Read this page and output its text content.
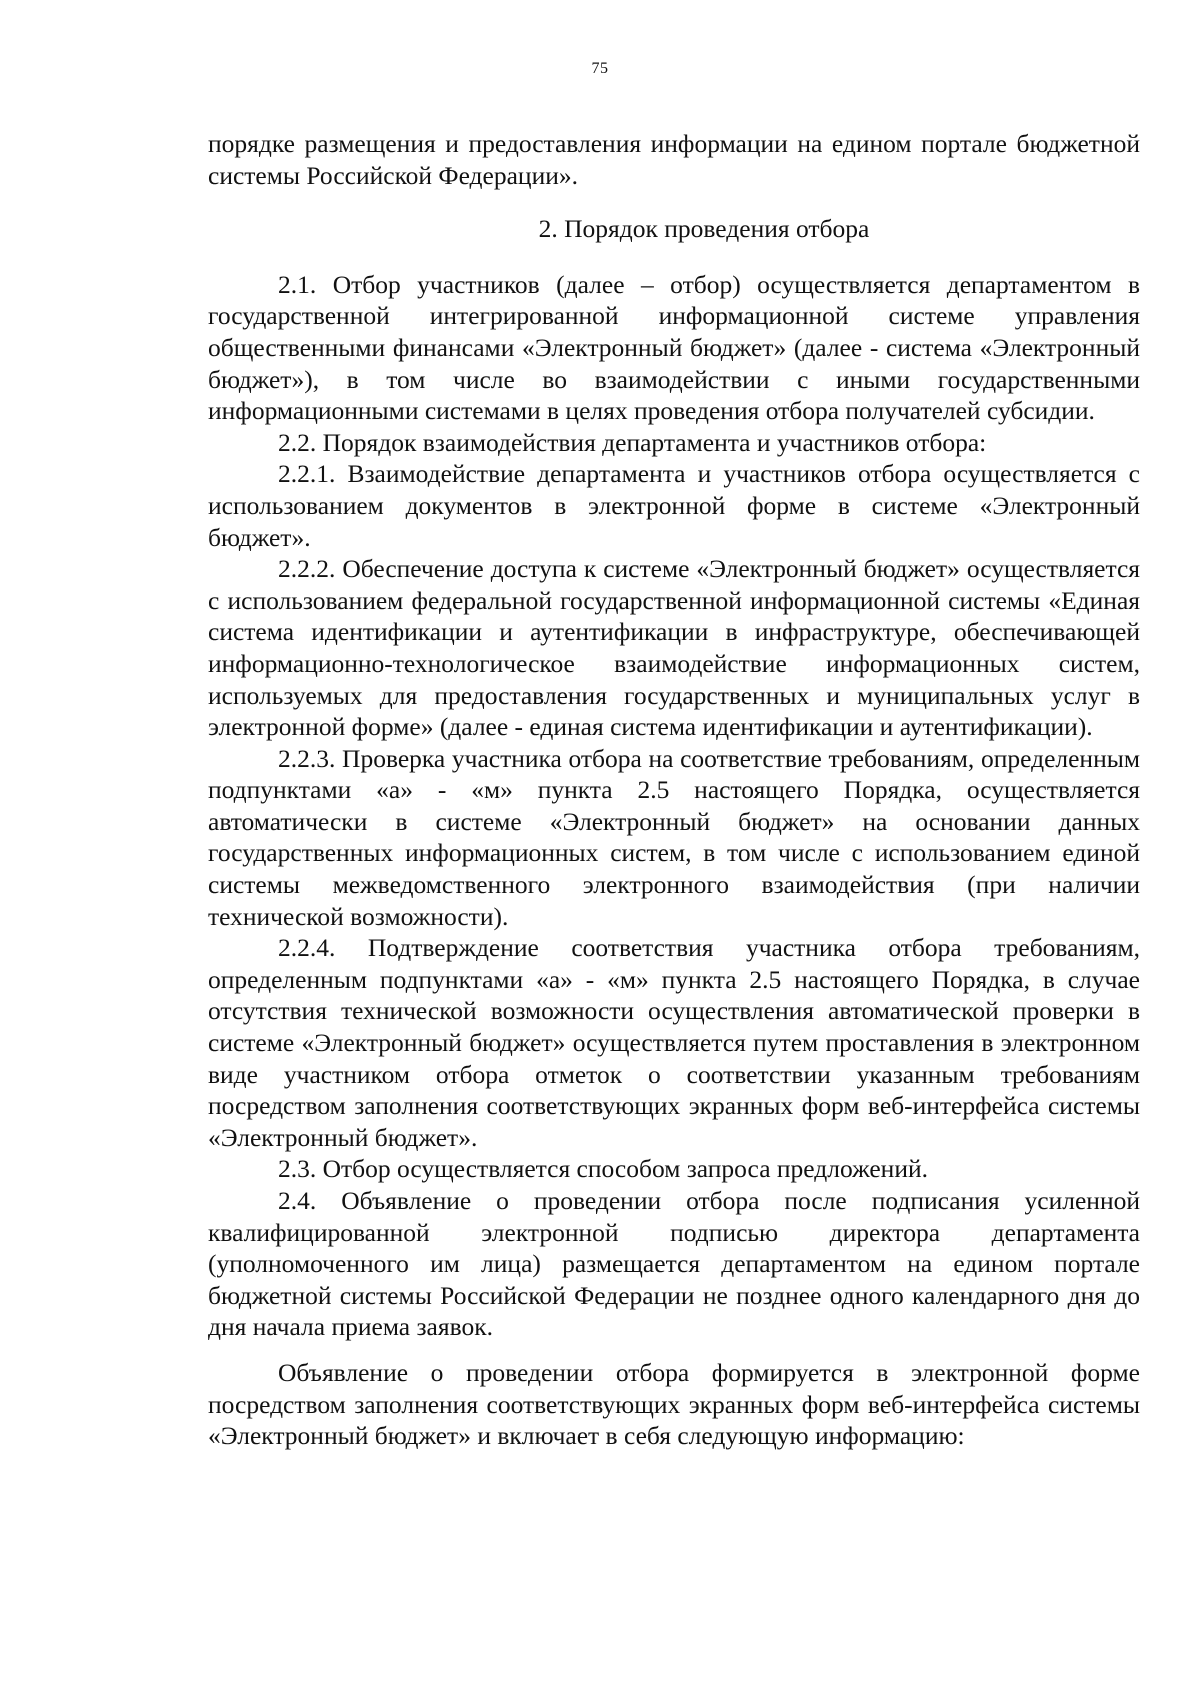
75

порядке размещения и предоставления информации на едином портале бюджетной системы Российской Федерации».

2. Порядок проведения отбора

2.1. Отбор участников (далее – отбор) осуществляется департаментом в государственной интегрированной информационной системе управления общественными финансами «Электронный бюджет» (далее - система «Электронный бюджет»), в том числе во взаимодействии с иными государственными информационными системами в целях проведения отбора получателей субсидии.

2.2. Порядок взаимодействия департамента и участников отбора:

2.2.1. Взаимодействие департамента и участников отбора осуществляется с использованием документов в электронной форме в системе «Электронный бюджет».

2.2.2. Обеспечение доступа к системе «Электронный бюджет» осуществляется с использованием федеральной государственной информационной системы «Единая система идентификации и аутентификации в инфраструктуре, обеспечивающей информационно-технологическое взаимодействие информационных систем, используемых для предоставления государственных и муниципальных услуг в электронной форме» (далее - единая система идентификации и аутентификации).

2.2.3. Проверка участника отбора на соответствие требованиям, определенным подпунктами «а» - «м» пункта 2.5 настоящего Порядка, осуществляется автоматически в системе «Электронный бюджет» на основании данных государственных информационных систем, в том числе с использованием единой системы межведомственного электронного взаимодействия (при наличии технической возможности).

2.2.4. Подтверждение соответствия участника отбора требованиям, определенным подпунктами «а» - «м» пункта 2.5 настоящего Порядка, в случае отсутствия технической возможности осуществления автоматической проверки в системе «Электронный бюджет» осуществляется путем проставления в электронном виде участником отбора отметок о соответствии указанным требованиям посредством заполнения соответствующих экранных форм веб-интерфейса системы «Электронный бюджет».

2.3. Отбор осуществляется способом запроса предложений.

2.4. Объявление о проведении отбора после подписания усиленной квалифицированной электронной подписью директора департамента (уполномоченного им лица) размещается департаментом на едином портале бюджетной системы Российской Федерации не позднее одного календарного дня до дня начала приема заявок.

Объявление о проведении отбора формируется в электронной форме посредством заполнения соответствующих экранных форм веб-интерфейса системы «Электронный бюджет» и включает в себя следующую информацию:
